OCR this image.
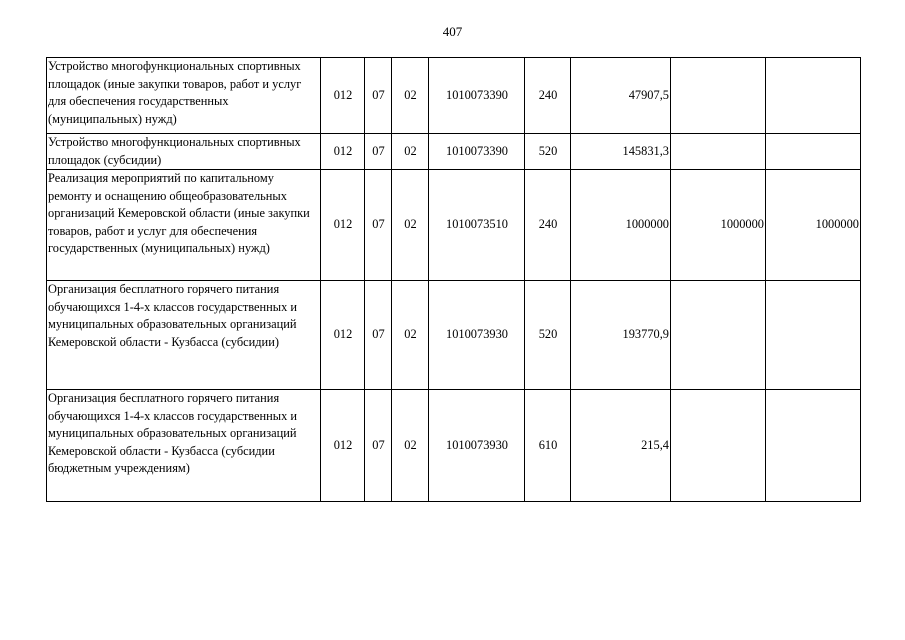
407
Устройство многофункциональных спортивных площадок (иные закупки товаров, работ и услуг для обеспечения государственных (муниципальных) нужд)	012	07	02	1010073390	240	47907,5		
Устройство многофункциональных спортивных площадок (субсидии)	012	07	02	1010073390	520	145831,3		
Реализация мероприятий по капитальному ремонту и оснащению общеобразовательных организаций Кемеровской области (иные закупки товаров, работ и услуг для обеспечения государственных (муниципальных) нужд)	012	07	02	1010073510	240	1000000	1000000	1000000
Организация бесплатного горячего питания обучающихся 1-4-х классов государственных и муниципальных образовательных организаций Кемеровской области - Кузбасса (субсидии)	012	07	02	1010073930	520	193770,9		
Организация бесплатного горячего питания обучающихся 1-4-х классов государственных и муниципальных образовательных организаций Кемеровской области - Кузбасса (субсидии бюджетным учреждениям)	012	07	02	1010073930	610	215,4		
